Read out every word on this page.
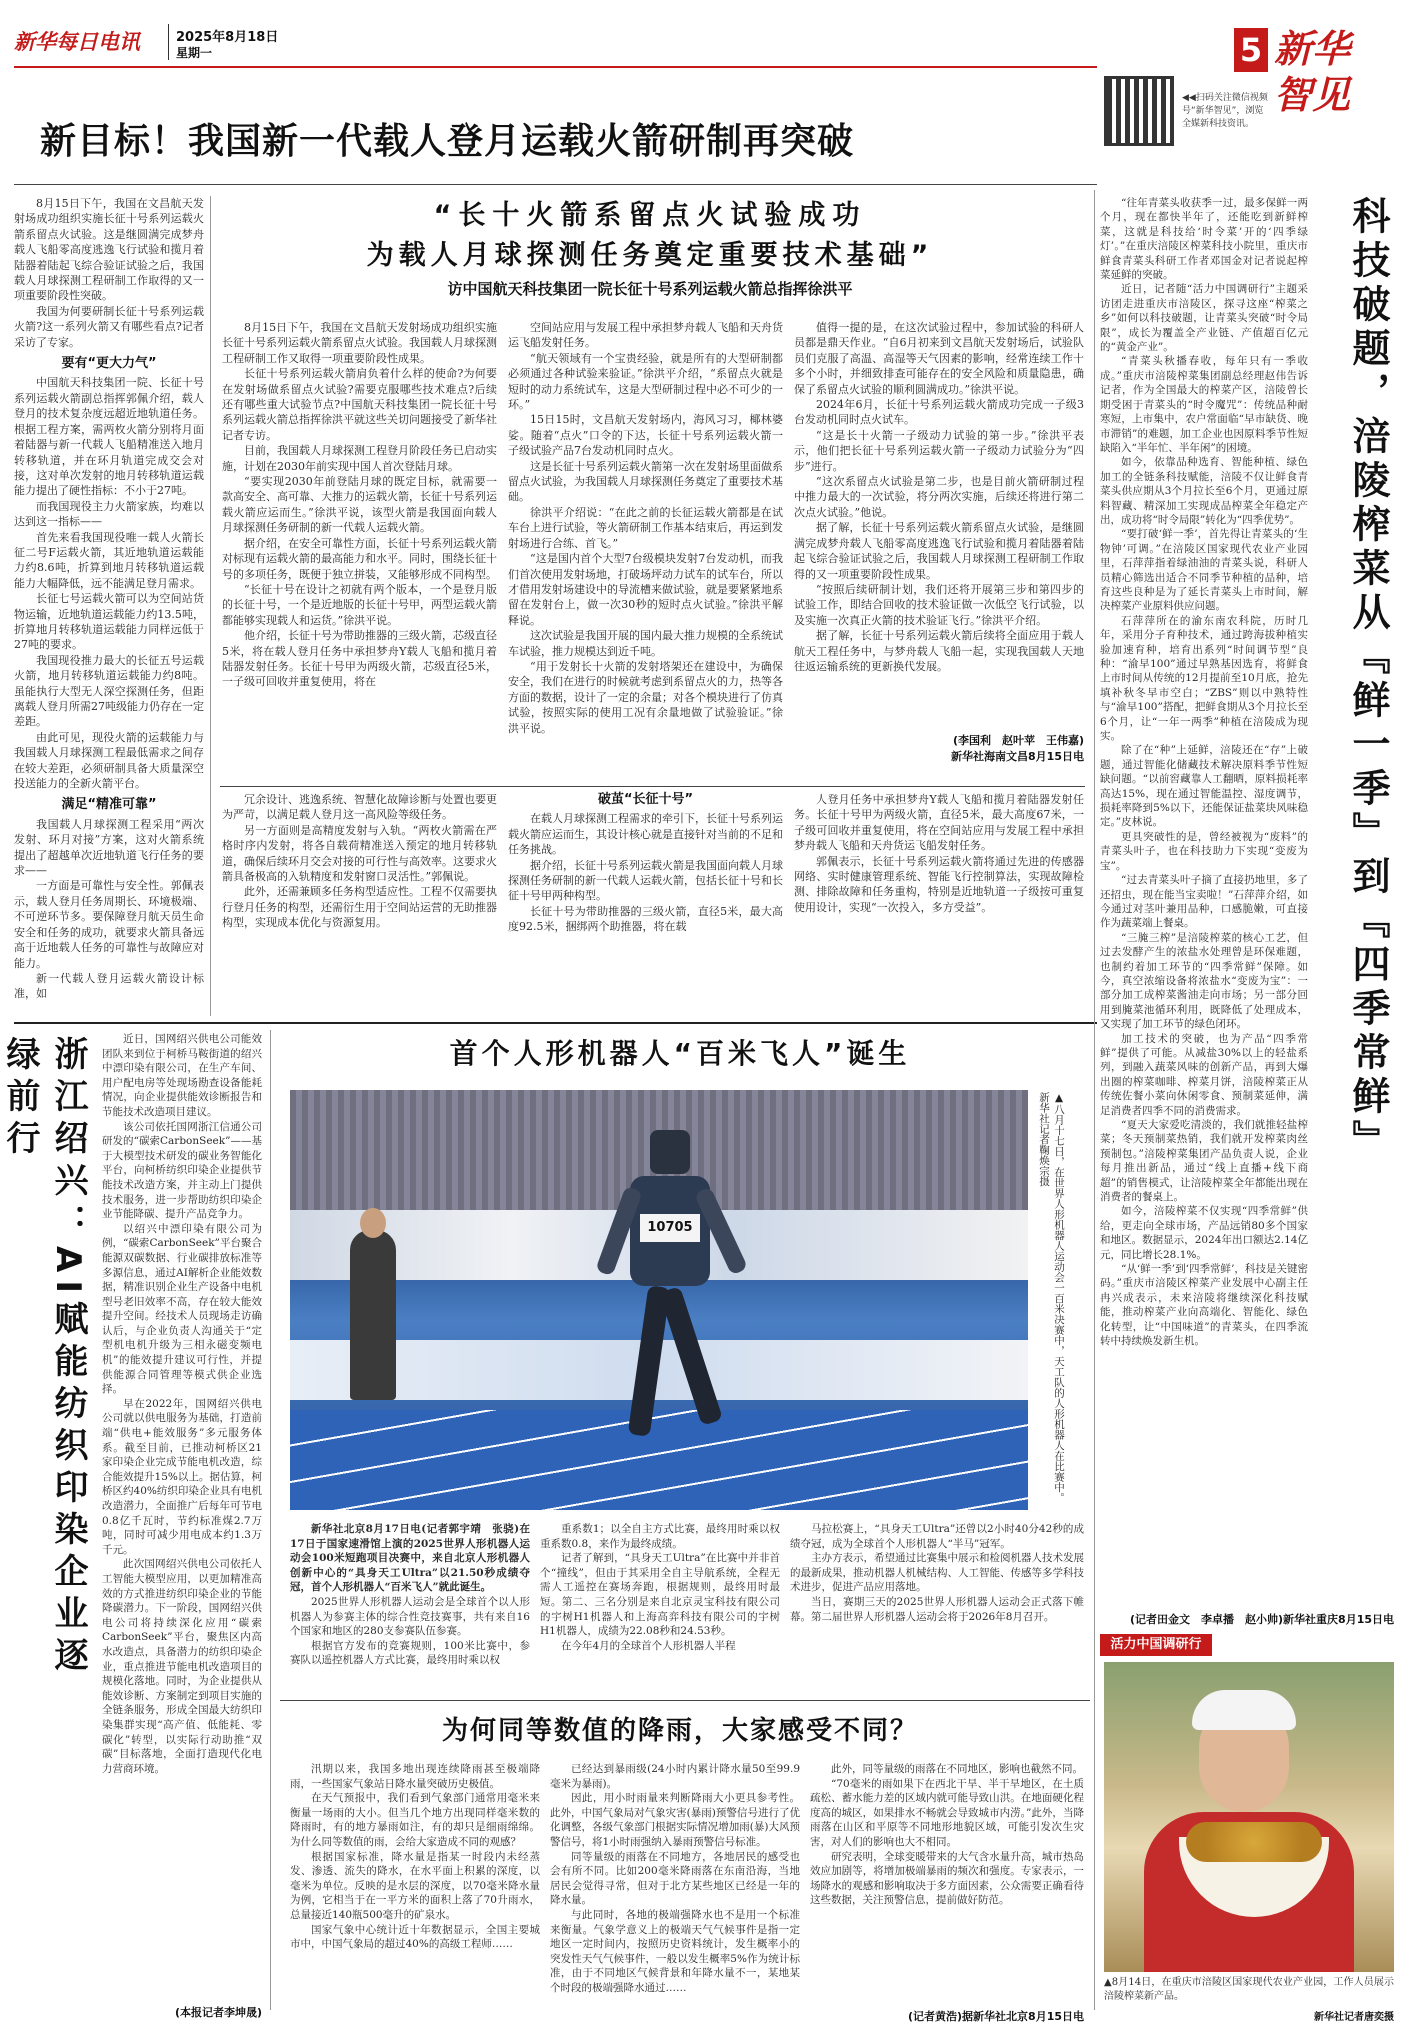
新华每日电讯	2025年8月18日
星期一
◀◀扫码关注微信视频号“新华智见”，浏览全媒新科技资讯。
5 新华智见
新目标！我国新一代载人登月运载火箭研制再突破

8月15日下午，我国在文昌航天发射场成功组织实施长征十号系列运载火箭系留点火试验。这是继圆满完成梦舟载人飞船零高度逃逸飞行试验和揽月着陆器着陆起飞综合验证试验之后，我国载人月球探测工程研制工作取得的又一项重要阶段性突破。

我国为何要研制长征十号系列运载火箭?这一系列火箭又有哪些看点?记者采访了专家。

要有“更大力气”

中国航天科技集团一院、长征十号系列运载火箭副总指挥郭佩介绍，载人登月的技术复杂度远超近地轨道任务。根据工程方案，需两枚火箭分别将月面着陆器与新一代载人飞船精准送入地月转移轨道，并在环月轨道完成交会对接，这对单次发射的地月转移轨道运载能力提出了硬性指标：不小于27吨。

而我国现役主力火箭家族，均难以达到这一指标——

首先来看我国现役唯一载人火箭长征二号F运载火箭，其近地轨道运载能力约8.6吨，折算到地月转移轨道运载能力大幅降低，远不能满足登月需求。

长征七号运载火箭可以为空间站货物运输，近地轨道运载能力约13.5吨，折算地月转移轨道运载能力同样远低于27吨的要求。

我国现役推力最大的长征五号运载火箭，地月转移轨道运载能力约8吨。虽能执行大型无人深空探测任务，但距离载人登月所需27吨级能力仍存在一定差距。

由此可见，现役火箭的运载能力与我国载人月球探测工程最低需求之间存在较大差距，必须研制具备大质量深空投送能力的全新火箭平台。

满足“精准可靠”

我国载人月球探测工程采用“两次发射、环月对接”方案，这对火箭系统提出了超越单次近地轨道飞行任务的要求——

一方面是可靠性与安全性。郭佩表示，载人登月任务周期长、环境极端、不可逆环节多。要保障登月航天员生命安全和任务的成功，就要求火箭具备远高于近地载人任务的可靠性与故障应对能力。

新一代载人登月运载火箭设计标准，如

“长十火箭系留点火试验成功
为载人月球探测任务奠定重要技术基础”
访中国航天科技集团一院长征十号系列运载火箭总指挥徐洪平

8月15日下午，我国在文昌航天发射场成功组织实施长征十号系列运载火箭系留点火试验。我国载人月球探测工程研制工作又取得一项重要阶段性成果。

长征十号系列运载火箭肩负着什么样的使命?为何要在发射场做系留点火试验?需要克服哪些技术难点?后续还有哪些重大试验节点?中国航天科技集团一院长征十号系列运载火箭总指挥徐洪平就这些关切问题接受了新华社记者专访。

目前，我国载人月球探测工程登月阶段任务已启动实施，计划在2030年前实现中国人首次登陆月球。

“要实现2030年前登陆月球的既定目标，就需要一款高安全、高可靠、大推力的运载火箭，长征十号系列运载火箭应运而生。”徐洪平说，该型火箭是我国面向载人月球探测任务研制的新一代载人运载火箭。

据介绍，在安全可靠性方面，长征十号系列运载火箭对标现有运载火箭的最高能力和水平。同时，围绕长征十号的多项任务，既便于独立拼装，又能够形成不同构型。

“长征十号在设计之初就有两个版本，一个是登月版的长征十号，一个是近地版的长征十号甲，两型运载火箭都能够实现载人和运货。”徐洪平说。

他介绍，长征十号为带助推器的三级火箭，芯级直径5米，将在载人登月任务中承担梦舟Y载人飞船和揽月着陆器发射任务。长征十号甲为两级火箭，芯级直径5米，一子级可回收并重复使用，将在

空间站应用与发展工程中承担梦舟载人飞船和天舟货运飞船发射任务。

“航天领域有一个宝贵经验，就是所有的大型研制都必须通过各种试验来验证。”徐洪平介绍，“系留点火就是短时的动力系统试车，这是大型研制过程中必不可少的一环。”

15日15时，文昌航天发射场内，海风习习，椰林婆娑。随着“点火”口令的下达，长征十号系列运载火箭一子级试验产品7台发动机同时点火。

这是长征十号系列运载火箭第一次在发射场里面做系留点火试验，为我国载人月球探测任务奠定了重要技术基础。

徐洪平介绍说：“在此之前的长征运载火箭都是在试车台上进行试验，等火箭研制工作基本结束后，再运到发射场进行合练、首飞。”

“这是国内首个大型7台级模块发射7台发动机，而我们首次使用发射场地，打破场坪动力试车的试车台，所以才借用发射场建设中的导流槽来做试验，就是要紧紧地系留在发射台上，做一次30秒的短时点火试验。”徐洪平解释说。

这次试验是我国开展的国内最大推力规模的全系统试车试验，推力规模达到近千吨。

“用于发射长十火箭的发射塔架还在建设中，为确保安全，我们在进行的时候就考虑到系留点火的力，热等各方面的数据，设计了一定的余量；对各个模块进行了仿真试验，按照实际的使用工况有余量地做了试验验证。”徐洪平说。

值得一提的是，在这次试验过程中，参加试验的科研人员都是鼎天作业。“自6月初来到文昌航天发射场后，试验队员们克服了高温、高湿等天气因素的影响，经常连续工作十多个小时，并细致排查可能存在的安全风险和质量隐患，确保了系留点火试验的顺利圆满成功。”徐洪平说。

2024年6月，长征十号系列运载火箭成功完成一子级3台发动机同时点火试车。

“这是长十火箭一子级动力试验的第一步。”徐洪平表示，他们把长征十号系列运载火箭一子级动力试验分为“四步”进行。

“这次系留点火试验是第二步，也是目前火箭研制过程中推力最大的一次试验，将分两次实施，后续还将进行第二次点火试验。”他说。

据了解，长征十号系列运载火箭系留点火试验，是继圆满完成梦舟载人飞船零高度逃逸飞行试验和揽月着陆器着陆起飞综合验证试验之后，我国载人月球探测工程研制工作取得的又一项重要阶段性成果。

“按照后续研制计划，我们还将开展第三步和第四步的试验工作，即结合回收的技术验证做一次低空飞行试验，以及实施一次真正火箭的技术验证飞行。”徐洪平介绍。

据了解，长征十号系列运载火箭后续将全面应用于载人航天工程任务中，与梦舟载人飞船一起，实现我国载人天地往返运输系统的更新换代发展。

(李国利　赵叶苹　王伟嘉)
新华社海南文昌8月15日电

冗余设计、逃逸系统、智慧化故障诊断与处置也要更为严苛，以满足载人登月这一高风险等级任务。

另一方面则是高精度发射与入轨。“两枚火箭需在严格时序内发射，将各自载荷精准送入预定的地月转移轨道，确保后续环月交会对接的可行性与高效率。这要求火箭具备极高的入轨精度和发射窗口灵活性。”郭佩说。

此外，还需兼顾多任务构型适应性。工程不仅需要执行登月任务的构型，还需衍生用于空间站运营的无助推器构型，实现成本优化与资源复用。

破茧“长征十号”

在载人月球探测工程需求的牵引下，长征十号系列运载火箭应运而生，其设计核心就是直接针对当前的不足和任务挑战。

据介绍，长征十号系列运载火箭是我国面向载人月球探测任务研制的新一代载人运载火箭，包括长征十号和长征十号甲两种构型。

长征十号为带助推器的三级火箭，直径5米，最大高度92.5米，捆绑两个助推器，将在载

人登月任务中承担梦舟Y载人飞船和揽月着陆器发射任务。长征十号甲为两级火箭，直径5米，最大高度67米，一子级可回收并重复使用，将在空间站应用与发展工程中承担梦舟载人飞船和天舟货运飞船发射任务。

郭佩表示，长征十号系列运载火箭将通过先进的传感器网络、实时健康管理系统、智能飞行控制算法，实现故障检测、排除故障和任务重构，特别是近地轨道一子级按可重复使用设计，实现“一次投入，多方受益”。	科技破题，涪陵榨菜从『鲜一季』到『四季常鲜』

“往年青菜头收获季一过，最多保鲜一两个月，现在都快半年了，还能吃到新鲜榨菜，这就是科技给‘时令菜’开的‘四季绿灯’。”在重庆涪陵区榨菜科技小院里，重庆市鲜食青菜头科研工作者邓国金对记者说起榨菜延鲜的突破。

近日，记者随“活力中国调研行”主题采访团走进重庆市涪陵区，探寻这座“榨菜之乡”如何以科技破题，让青菜头突破“时令局限”，成长为覆盖全产业链、产值超百亿元的“黄金产业”。

“青菜头秋播春收，每年只有一季收成。”重庆市涪陵榨菜集团副总经理赵伟告诉记者，作为全国最大的榨菜产区，涪陵曾长期受困于青菜头的“时令魔咒”：传统品种耐寒短，上市集中，农户常面临“早市缺货、晚市滞销”的难题，加工企业也因原料季节性短缺陷入“半年忙、半年闲”的困境。

如今，依靠品种选育、智能种植、绿色加工的全链条科技赋能，涪陵不仅让鲜食青菜头供应期从3个月拉长至6个月，更通过原料智藏、精深加工实现成品榨菜全年稳定产出，成功将“时令局限”转化为“四季优势”。

“要打破‘鲜一季’，首先得让青菜头的‘生物钟’可调。”在涪陵区国家现代农业产业园里，石萍萍指着绿油油的青菜头说，科研人员精心筛选出适合不同季节种植的品种，培育这些良种是为了延长青菜头上市时间，解决榨菜产业原料供应问题。

石萍萍所在的渝东南农科院，历时几年，采用分子育种技术，通过跨海拔种植实验加速育种，培育出系列“时间调节型”良种：“渝早100”通过早熟基因选育，将鲜食上市时间从传统的12月提前至10月底，抢先填补秋冬早市空白；“ZBS”则以中熟特性与“渝早100”搭配，把鲜食期从3个月拉长至6个月，让“一年一两季”种植在涪陵成为现实。

除了在“种”上延鲜，涪陵还在“存”上破题，通过智能化储藏技术解决原料季节性短缺问题。“以前窖藏靠人工翻晒，原料损耗率高达15%，现在通过智能温控、湿度调节，损耗率降到5%以下，还能保证盐菜块风味稳定。”皮林说。

更具突破性的是，曾经被视为“废料”的青菜头叶子，也在科技助力下实现“变废为宝”。

“过去青菜头叶子摘了直接扔地里，多了还招虫，现在能当宝卖啦！”石萍萍介绍，如今通过对茎叶兼用品种，口感脆嫩，可直接作为蔬菜端上餐桌。

“三腌三榨”是涪陵榨菜的核心工艺，但过去发酵产生的浓盐水处理曾是环保难题，也制约着加工环节的“四季常鲜”保障。如今，真空浓缩设备将浓盐水“变废为宝”：一部分加工成榨菜酱油走向市场；另一部分回用到腌菜池循环利用，既降低了处理成本，又实现了加工环节的绿色闭环。

加工技术的突破，也为产品“四季常鲜”提供了可能。从减盐30%以上的轻盐系列，到融入蔬菜风味的创新产品，再到大爆出圈的榨菜咖啡、榨菜月饼，涪陵榨菜正从传统佐餐小菜向休闲零食、预制菜延伸，满足消费者四季不同的消费需求。

“夏天大家爱吃清淡的，我们就推轻盐榨菜；冬天预制菜热销，我们就开发榨菜肉丝预制包。”涪陵榨菜集团产品负责人说，企业每月推出新品，通过“线上直播+线下商超”的销售模式，让涪陵榨菜全年都能出现在消费者的餐桌上。

如今，涪陵榨菜不仅实现“四季常鲜”供给，更走向全球市场，产品远销80多个国家和地区。数据显示，2024年出口额达2.14亿元，同比增长28.1%。

“从‘鲜一季’到‘四季常鲜’，科技是关键密码。”重庆市涪陵区榨菜产业发展中心副主任冉兴成表示，未来涪陵将继续深化科技赋能，推动榨菜产业向高端化、智能化、绿色化转型，让“中国味道”的青菜头，在四季流转中持续焕发新生机。

(记者田金文　李卓播　赵小帅)新华社重庆8月15日电
活力中国调研行
▲8月14日，在重庆市涪陵区国家现代农业产业园，工作人员展示涪陵榨菜新产品。
新华社记者唐奕摄
浙江绍兴：AI赋能纺织印染企业逐绿前行	近日，国网绍兴供电公司能效团队来到位于柯桥马鞍街道的绍兴中漂印染有限公司，在生产车间、用户配电房等处现场勘查设备能耗情况，向企业提供能效诊断报告和节能技术改造项目建议。

该公司依托国网浙江信通公司研发的“碳索CarbonSeek”——基于大模型技术研发的碳业务智能化平台，向柯桥纺织印染企业提供节能技术改造方案，并主动上门提供技术服务，进一步帮助纺织印染企业节能降碳、提升产品竞争力。

以绍兴中漂印染有限公司为例，“碳索CarbonSeek”平台聚合能源双碳数据、行业碳排放标准等多源信息，通过AI解析企业能效数据，精准识别企业生产设备中电机型号老旧效率不高，存在较大能效提升空间。经技术人员现场走访确认后，与企业负责人沟通关于“定型机电机升级为三相永磁变频电机”的能效提升建议可行性，并提供能源合同管理等模式供企业选择。

早在2022年，国网绍兴供电公司就以供电服务为基础，打造前端“供电+能效服务”多元服务体系。截至目前，已推动柯桥区21家印染企业完成节能电机改造，综合能效提升15%以上。据估算，柯桥区约40%纺织印染企业具有电机改造潜力，全面推广后每年可节电0.8亿千瓦时，节约标准煤2.7万吨，同时可减少用电成本约1.3万千元。

此次国网绍兴供电公司依托人工智能大模型应用，以更加精准高效的方式推进纺织印染企业的节能降碳潜力。下一阶段，国网绍兴供电公司将持续深化应用“碳索CarbonSeek”平台，聚焦区内高水改造点，具备潜力的纺织印染企业，重点推进节能电机改造项目的规模化落地。同时，为企业提供从能效诊断、方案制定到项目实施的全链条服务，形成全国最大纺织印染集群实现“高产值、低能耗、零碳化”转型，以实际行动助推“双碳”目标落地，全面打造现代化电力营商环境。

(本报记者李坤晟)
首个人形机器人“百米飞人”诞生
10705	▲八月十七日，在世界人形机器人运动会一百米决赛中，天工队的人形机器人在比赛中。新华社记者鞠焕宗摄

新华社北京8月17日电(记者郭宇靖　张骁)在17日于国家速滑馆上演的2025世界人形机器人运动会100米短跑项目决赛中，来自北京人形机器人创新中心的“具身天工Ultra”以21.50秒成绩夺冠，首个人形机器人“百米飞人”就此诞生。

2025世界人形机器人运动会是全球首个以人形机器人为参赛主体的综合性竞技赛事，共有来自16个国家和地区的280支参赛队伍参赛。

根据官方发布的竞赛规则，100米比赛中，参赛队以遥控机器人方式比赛，最终用时乘以权

重系数1；以全自主方式比赛，最终用时乘以权重系数0.8，来作为最终成绩。

记者了解到，“具身天工Ultra”在比赛中并非首个“撞线”，但由于其采用全自主导航系统，全程无需人工遥控在赛场奔跑，根据规则，最终用时最短。第二、三名分别是来自北京灵宝科技有限公司的宇树H1机器人和上海高弈科技有限公司的宇树H1机器人，成绩为22.08秒和24.53秒。

在今年4月的全球首个人形机器人半程

马拉松赛上，“具身天工Ultra”还曾以2小时40分42秒的成绩夺冠，成为全球首个人形机器人“半马”冠军。

主办方表示，希望通过比赛集中展示和检阅机器人技术发展的最新成果，推动机器人机械结构、人工智能、传感等多学科技术进步，促进产品应用落地。

当日，赛期三天的2025世界人形机器人运动会正式落下帷幕。第二届世界人形机器人运动会将于2026年8月召开。

为何同等数值的降雨，大家感受不同？

汛期以来，我国多地出现连续降雨甚至极端降雨，一些国家气象站日降水量突破历史极值。

在天气预报中，我们看到气象部门通常用毫米来衡量一场雨的大小。但当几个地方出现同样毫米数的降雨时，有的地方暴雨如注，有的却只是细雨绵绵。为什么同等数值的雨，会给大家造成不同的观感？

根据国家标准，降水量是指某一时段内未经蒸发、渗透、流失的降水，在水平面上积累的深度，以毫米为单位。反映的是水层的深度，以70毫米降水量为例，它相当于在一平方米的面积上落了70升雨水，总量接近140瓶500毫升的矿泉水。

国家气象中心统计近十年数据显示，全国主要城市中，中国气象局的超过40%的高级工程师……

已经达到暴雨级(24小时内累计降水量50至99.9毫米为暴雨)。

因此，用小时雨量来判断降雨大小更具参考性。此外，中国气象局对气象灾害(暴雨)预警信号进行了优化调整，各级气象部门根据实际情况增加雨(暴)大风预警信号，将1小时雨强纳入暴雨预警信号标准。

同等量级的雨落在不同地方，各地居民的感受也会有所不同。比如200毫米降雨落在东南沿海，当地居民会觉得寻常，但对于北方某些地区已经是一年的降水量。

与此同时，各地的极端强降水也不是用一个标准来衡量。气象学意义上的极端天气气候事件是指一定地区一定时间内，按照历史资料统计，发生概率小的突发性天气气候事件，一般以发生概率5%作为统计标准，由于不同地区气候背景和年降水量不一，某地某个时段的极端强降水通过……

此外，同等量级的雨落在不同地区，影响也截然不同。

“70毫米的雨如果下在西北干旱、半干旱地区，在土质疏松、蓄水能力差的区域内就可能导致山洪。在地面硬化程度高的城区，如果排水不畅就会导致城市内涝。”此外，当降雨落在山区和平原等不同地形地貌区域，可能引发次生灾害，对人们的影响也大不相同。

研究表明，全球变暖带来的大气含水量升高，城市热岛效应加剧等，将增加极端暴雨的频次和强度。专家表示，一场降水的观感和影响取决于多方面因素，公众需要正确看待这些数据，关注预警信息，提前做好防范。

(记者黄浩)据新华社北京8月15日电
